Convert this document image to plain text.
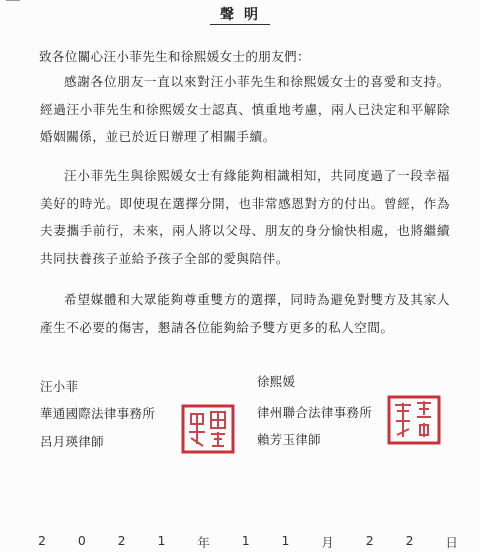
聲明
致各位關心汪小菲先生和徐熙媛女士的朋友們：

感謝各位朋友一直以來對汪小菲先生和徐熙媛女士的喜愛和支持。經過汪小菲先生和徐熙媛女士認真、慎重地考慮，兩人已決定和平解除婚姻關係，並已於近日辦理了相關手續。

汪小菲先生與徐熙媛女士有緣能夠相識相知，共同度過了一段幸福美好的時光。即使現在選擇分開，也非常感恩對方的付出。曾經，作為夫妻攜手前行，未來，兩人將以父母、朋友的身分愉快相處，也將繼續共同扶養孩子並給予孩子全部的愛與陪伴。

希望媒體和大眾能夠尊重雙方的選擇，同時為避免對雙方及其家人產生不必要的傷害，懇請各位能夠給予雙方更多的私人空間。

汪小菲
華通國際法律事務所
呂月瑛律師
徐熙媛
律州聯合法律事務所
賴芳玉律師
2	0	2	1	年	1	1	月	2	2	日
